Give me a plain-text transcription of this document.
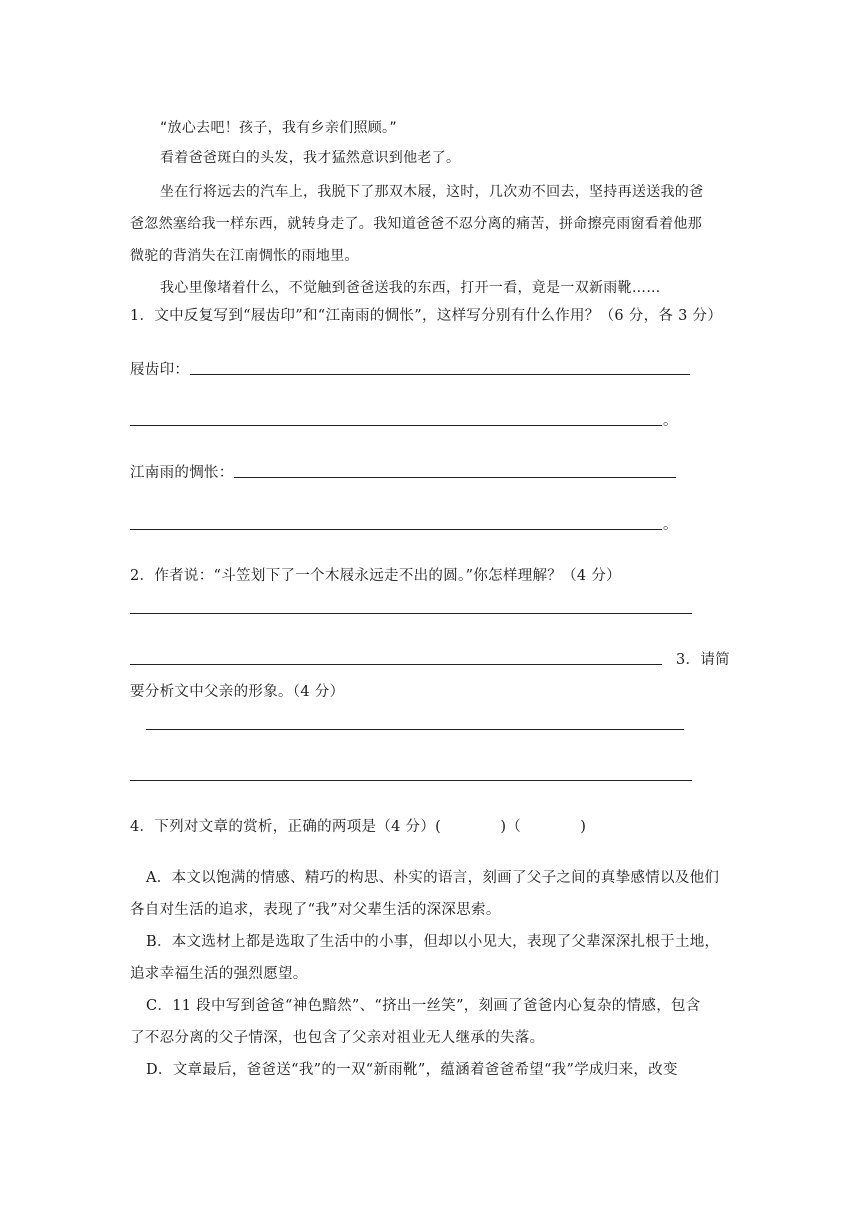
“放心去吧！孩子，我有乡亲们照顾。”
看着爸爸斑白的头发，我才猛然意识到他老了。
坐在行将远去的汽车上，我脱下了那双木屐，这时，几次劝不回去，坚持再送送我的爸
爸忽然塞给我一样东西，就转身走了。我知道爸爸不忍分离的痛苦，拼命擦亮雨窗看着他那
微驼的背消失在江南惆怅的雨地里。
我心里像堵着什么，不觉触到爸爸送我的东西，打开一看，竟是一双新雨靴……
1．文中反复写到“屐齿印”和“江南雨的惆怅”，这样写分别有什么作用？（6 分，各 3 分）
屐齿印：
。
江南雨的惆怅：
。
2．作者说：“斗笠划下了一个木屐永远走不出的圆。”你怎样理解？（4 分）
3．请简
要分析文中父亲的形象。（4 分）
4．下列对文章的赏析，正确的两项是（4 分）(　　　　)（　　　　)
A．本文以饱满的情感、精巧的构思、朴实的语言，刻画了父子之间的真挚感情以及他们
各自对生活的追求，表现了“我”对父辈生活的深深思索。
B．本文选材上都是选取了生活中的小事，但却以小见大，表现了父辈深深扎根于土地，
追求幸福生活的强烈愿望。
C．11 段中写到爸爸“神色黯然”、“挤出一丝笑”，刻画了爸爸内心复杂的情感，包含
了不忍分离的父子情深，也包含了父亲对祖业无人继承的失落。
D．文章最后，爸爸送“我”的一双“新雨靴”，蕴涵着爸爸希望“我”学成归来，改变
